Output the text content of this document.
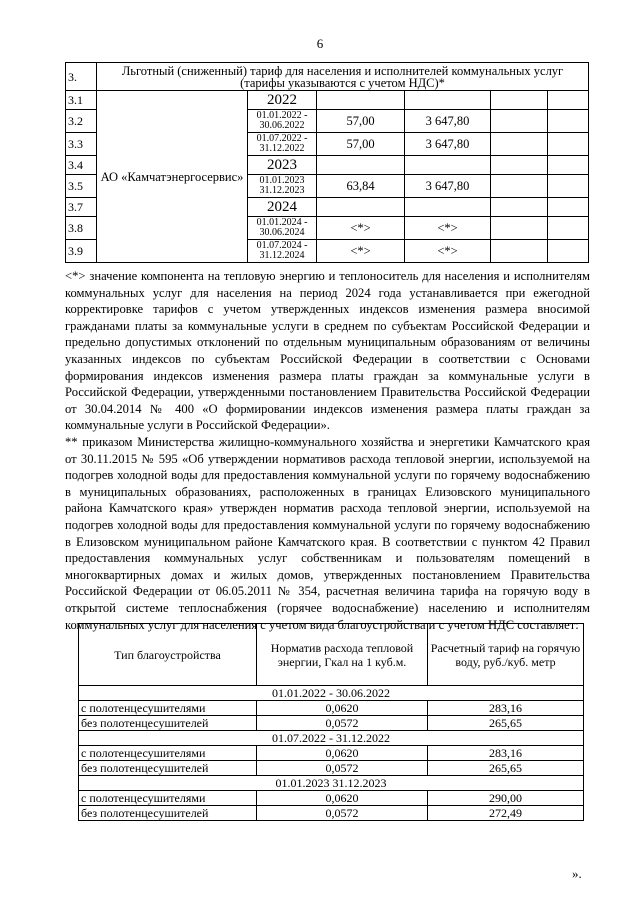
6
3.	Льготный (сниженный) тариф для населения и исполнителей коммунальных услуг (тарифы указываются с учетом НДС)*					
3.1	АО «Камчатэнергосервис»	2022				
3.2		01.01.2022 - 30.06.2022	57,00	3 647,80		
3.3		01.07.2022 - 31.12.2022	57,00	3 647,80		
3.4		2023				
3.5		01.01.2023 31.12.2023	63,84	3 647,80		
3.7		2024				
3.8		01.01.2024 - 30.06.2024	<*>	<*>		
3.9		01.07.2024 - 31.12.2024	<*>	<*>		
<*> значение компонента на тепловую энергию и теплоноситель для населения и исполнителям коммунальных услуг для населения на период 2024 года устанавливается при ежегодной корректировке тарифов с учетом утвержденных индексов изменения размера вносимой гражданами платы за коммунальные услуги в среднем по субъектам Российской Федерации и предельно допустимых отклонений по отдельным муниципальным образованиям от величины указанных индексов по субъектам Российской Федерации в соответствии с Основами формирования индексов изменения размера платы граждан за коммунальные услуги в Российской Федерации, утвержденными постановлением Правительства Российской Федерации от 30.04.2014 № 400 «О формировании индексов изменения размера платы граждан за коммунальные услуги в Российской Федерации».
** приказом Министерства жилищно-коммунального хозяйства и энергетики Камчатского края от 30.11.2015 № 595 «Об утверждении нормативов расхода тепловой энергии, используемой на подогрев холодной воды для предоставления коммунальной услуги по горячему водоснабжению в муниципальных образованиях, расположенных в границах Елизовского муниципального района Камчатского края» утвержден норматив расхода тепловой энергии, используемой на подогрев холодной воды для предоставления коммунальной услуги по горячему водоснабжению в Елизовском муниципальном районе Камчатского края. В соответствии с пунктом 42 Правил предоставления коммунальных услуг собственникам и пользователям помещений в многоквартирных домах и жилых домов, утвержденных постановлением Правительства Российской Федерации от 06.05.2011 № 354, расчетная величина тарифа на горячую воду в открытой системе теплоснабжения (горячее водоснабжение) населению и исполнителям коммунальных услуг для населения с учетом вида благоустройства и с учетом НДС составляет:
Тип благоустройства	Норматив расхода тепловой энергии, Гкал на 1 куб.м.	Расчетный тариф на горячую воду, руб./куб. метр
01.01.2022 - 30.06.2022		
с полотенцесушителями	0,0620	283,16
без полотенцесушителей	0,0572	265,65
01.07.2022 - 31.12.2022		
с полотенцесушителями	0,0620	283,16
без полотенцесушителей	0,0572	265,65
01.01.2023 31.12.2023		
с полотенцесушителями	0,0620	290,00
без полотенцесушителей	0,0572	272,49
».
